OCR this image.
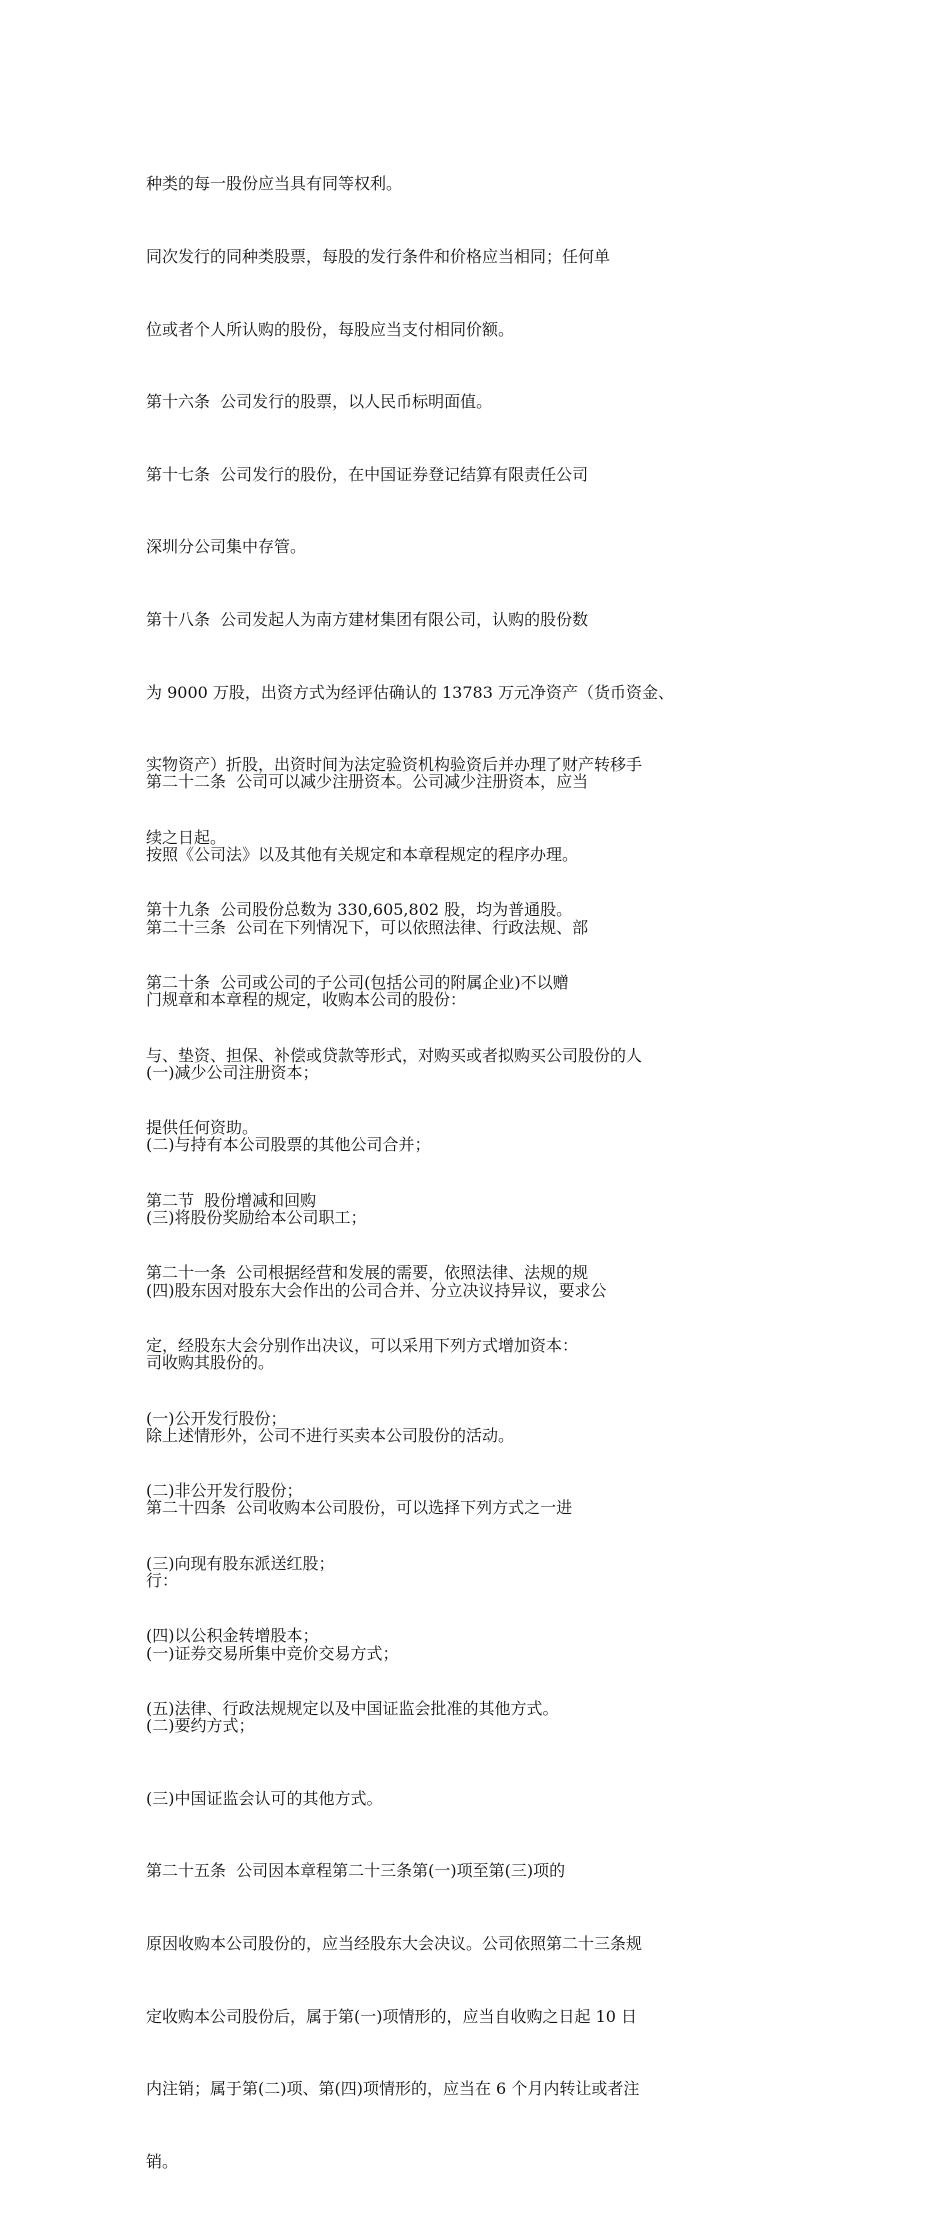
种类的每一股份应当具有同等权利。

同次发行的同种类股票，每股的发行条件和价格应当相同；任何单

位或者个人所认购的股份，每股应当支付相同价额。

第十六条  公司发行的股票，以人民币标明面值。

第十七条  公司发行的股份，在中国证券登记结算有限责任公司

深圳分公司集中存管。

第十八条  公司发起人为南方建材集团有限公司，认购的股份数

为 9000 万股，出资方式为经评估确认的 13783 万元净资产（货币资金、

实物资产）折股，出资时间为法定验资机构验资后并办理了财产转移手

续之日起。

第十九条  公司股份总数为 330,605,802 股，均为普通股。

第二十条  公司或公司的子公司(包括公司的附属企业)不以赠

与、垫资、担保、补偿或贷款等形式，对购买或者拟购买公司股份的人

提供任何资助。

第二节  股份增减和回购

第二十一条  公司根据经营和发展的需要，依照法律、法规的规

定，经股东大会分别作出决议，可以采用下列方式增加资本：

(一)公开发行股份；

(二)非公开发行股份；

(三)向现有股东派送红股；

(四)以公积金转增股本；

(五)法律、行政法规规定以及中国证监会批准的其他方式。

第二十二条  公司可以减少注册资本。公司减少注册资本，应当

按照《公司法》以及其他有关规定和本章程规定的程序办理。

第二十三条  公司在下列情况下，可以依照法律、行政法规、部

门规章和本章程的规定，收购本公司的股份：

(一)减少公司注册资本；

(二)与持有本公司股票的其他公司合并；

(三)将股份奖励给本公司职工；

(四)股东因对股东大会作出的公司合并、分立决议持异议，要求公

司收购其股份的。

除上述情形外，公司不进行买卖本公司股份的活动。

第二十四条  公司收购本公司股份，可以选择下列方式之一进

行：

(一)证券交易所集中竞价交易方式；

(二)要约方式；

(三)中国证监会认可的其他方式。

第二十五条  公司因本章程第二十三条第(一)项至第(三)项的

原因收购本公司股份的，应当经股东大会决议。公司依照第二十三条规

定收购本公司股份后，属于第(一)项情形的，应当自收购之日起 10 日

内注销；属于第(二)项、第(四)项情形的，应当在 6 个月内转让或者注

销。
